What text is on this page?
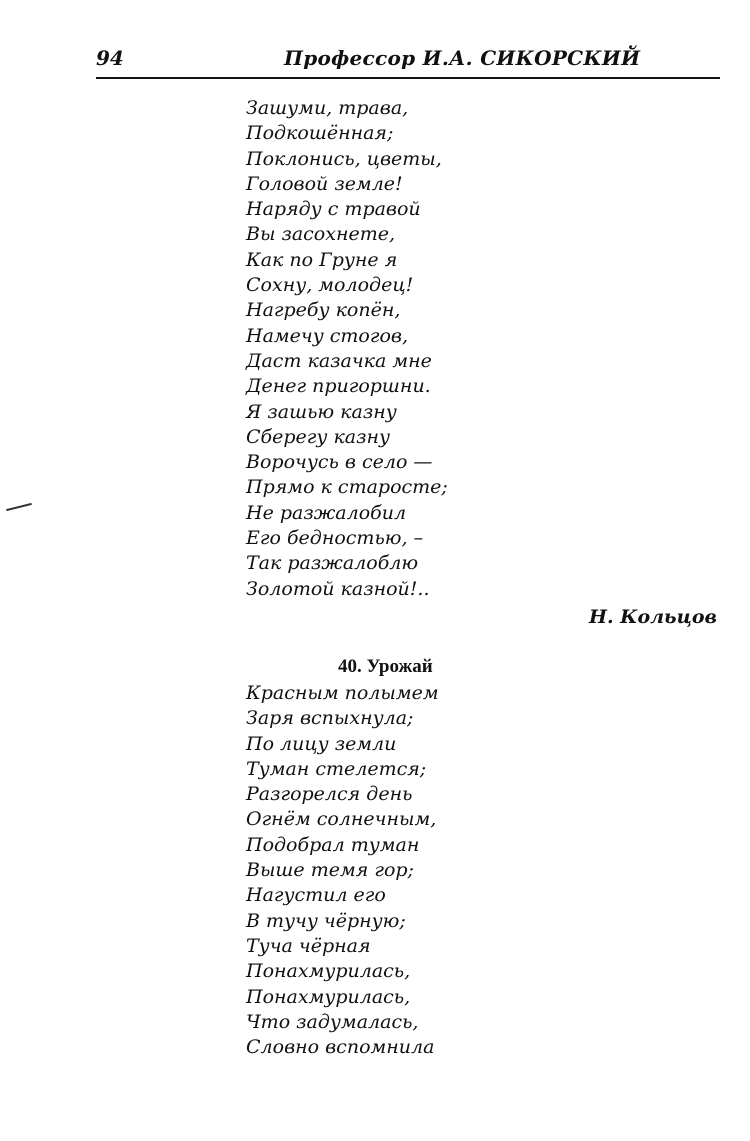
94	Профессор И.А. СИКОРСКИЙ
Зашуми, трава,
Подкошённая;
Поклонись, цветы,
Головой земле!
Наряду с травой
Вы засохнете,
Как по Груне я
Сохну, молодец!
Нагребу копён,
Намечу стогов,
Даст казачка мне
Денег пригоршни.
Я зашью казну
Сберегу казну
Ворочусь в село —
Прямо к старосте;
Не разжалобил
Его бедностью, –
Так разжалоблю
Золотой казной!..
Н. Кольцов
40. Урожай
Красным полымем
Заря вспыхнула;
По лицу земли
Туман стелется;
Разгорелся день
Огнём солнечным,
Подобрал туман
Выше темя гор;
Нагустил его
В тучу чёрную;
Туча чёрная
Понахмурилась,
Понахмурилась,
Что задумалась,
Словно вспомнила
